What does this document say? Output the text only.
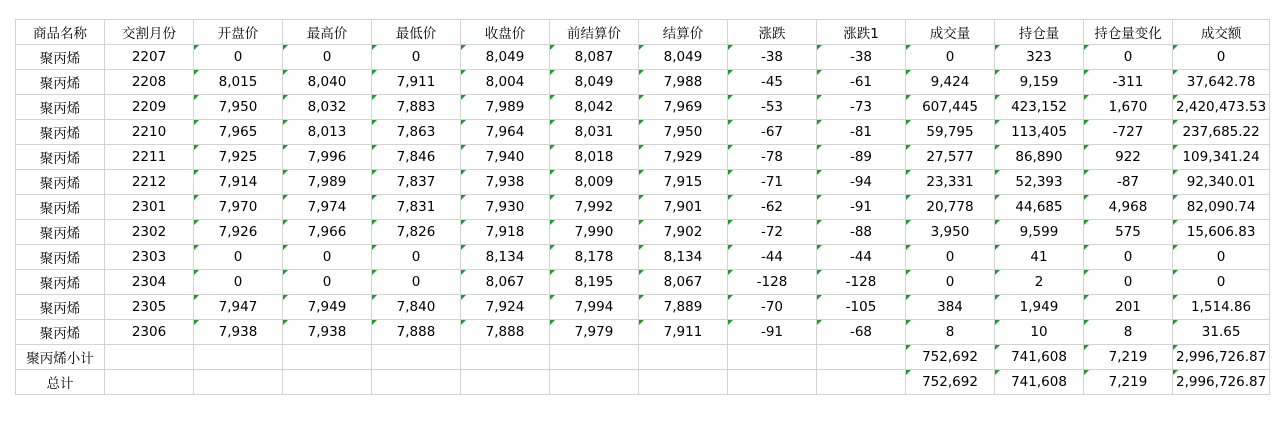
商品名称	交割月份	开盘价	最高价	最低价	收盘价	前结算价	结算价	涨跌	涨跌1	成交量	持仓量	持仓量变化	成交额
聚丙烯	2207	0	0	0	8,049	8,087	8,049	-38	-38	0	323	0	0
聚丙烯	2208	8,015	8,040	7,911	8,004	8,049	7,988	-45	-61	9,424	9,159	-311	37,642.78
聚丙烯	2209	7,950	8,032	7,883	7,989	8,042	7,969	-53	-73	607,445	423,152	1,670	2,420,473.53
聚丙烯	2210	7,965	8,013	7,863	7,964	8,031	7,950	-67	-81	59,795	113,405	-727	237,685.22
聚丙烯	2211	7,925	7,996	7,846	7,940	8,018	7,929	-78	-89	27,577	86,890	922	109,341.24
聚丙烯	2212	7,914	7,989	7,837	7,938	8,009	7,915	-71	-94	23,331	52,393	-87	92,340.01
聚丙烯	2301	7,970	7,974	7,831	7,930	7,992	7,901	-62	-91	20,778	44,685	4,968	82,090.74
聚丙烯	2302	7,926	7,966	7,826	7,918	7,990	7,902	-72	-88	3,950	9,599	575	15,606.83
聚丙烯	2303	0	0	0	8,134	8,178	8,134	-44	-44	0	41	0	0
聚丙烯	2304	0	0	0	8,067	8,195	8,067	-128	-128	0	2	0	0
聚丙烯	2305	7,947	7,949	7,840	7,924	7,994	7,889	-70	-105	384	1,949	201	1,514.86
聚丙烯	2306	7,938	7,938	7,888	7,888	7,979	7,911	-91	-68	8	10	8	31.65
聚丙烯小计										752,692	741,608	7,219	2,996,726.87
总计										752,692	741,608	7,219	2,996,726.87
